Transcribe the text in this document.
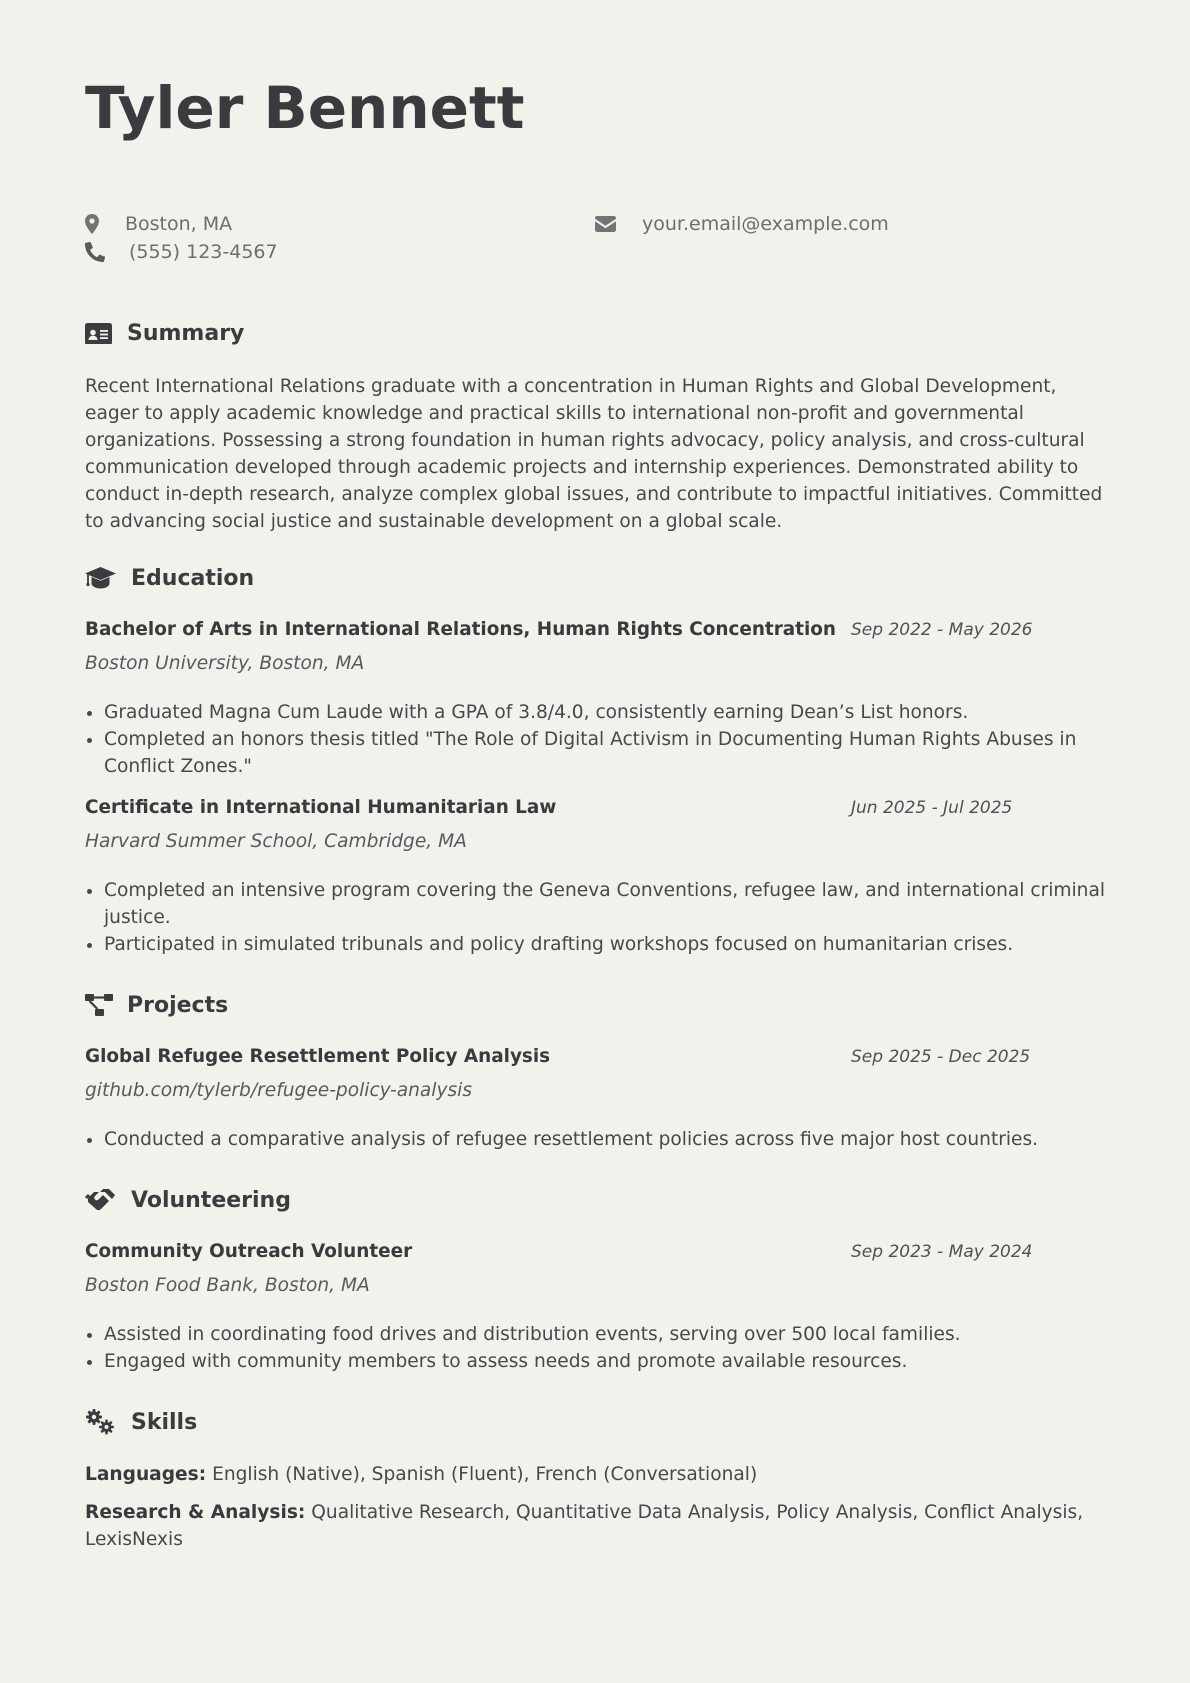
Tyler Bennett
Boston, MA	your.email@example.com
(555) 123-4567
Summary

Recent International Relations graduate with a concentration in Human Rights and Global Development, eager to apply academic knowledge and practical skills to international non-profit and governmental organizations. Possessing a strong foundation in human rights advocacy, policy analysis, and cross-cultural communication developed through academic projects and internship experiences. Demonstrated ability to conduct in-depth research, analyze complex global issues, and contribute to impactful initiatives. Committed to advancing social justice and sustainable development on a global scale.

Education
Bachelor of Arts in International Relations, Human Rights Concentration Sep 2022 - May 2026
Boston University, Boston, MA
Graduated Magna Cum Laude with a GPA of 3.8/4.0, consistently earning Dean’s List honors.
Completed an honors thesis titled "The Role of Digital Activism in Documenting Human Rights Abuses in Conflict Zones."
Certificate in International Humanitarian Law	Jun 2025 - Jul 2025
Harvard Summer School, Cambridge, MA
Completed an intensive program covering the Geneva Conventions, refugee law, and international criminal justice.
Participated in simulated tribunals and policy drafting workshops focused on humanitarian crises.
Projects
Global Refugee Resettlement Policy Analysis	Sep 2025 - Dec 2025
github.com/tylerb/refugee-policy-analysis
Conducted a comparative analysis of refugee resettlement policies across five major host countries.
Volunteering
Community Outreach Volunteer	Sep 2023 - May 2024
Boston Food Bank, Boston, MA
Assisted in coordinating food drives and distribution events, serving over 500 local families.
Engaged with community members to assess needs and promote available resources.
Skills
Languages: English (Native), Spanish (Fluent), French (Conversational)
Research & Analysis: Qualitative Research, Quantitative Data Analysis, Policy Analysis, Conflict Analysis, LexisNexis
